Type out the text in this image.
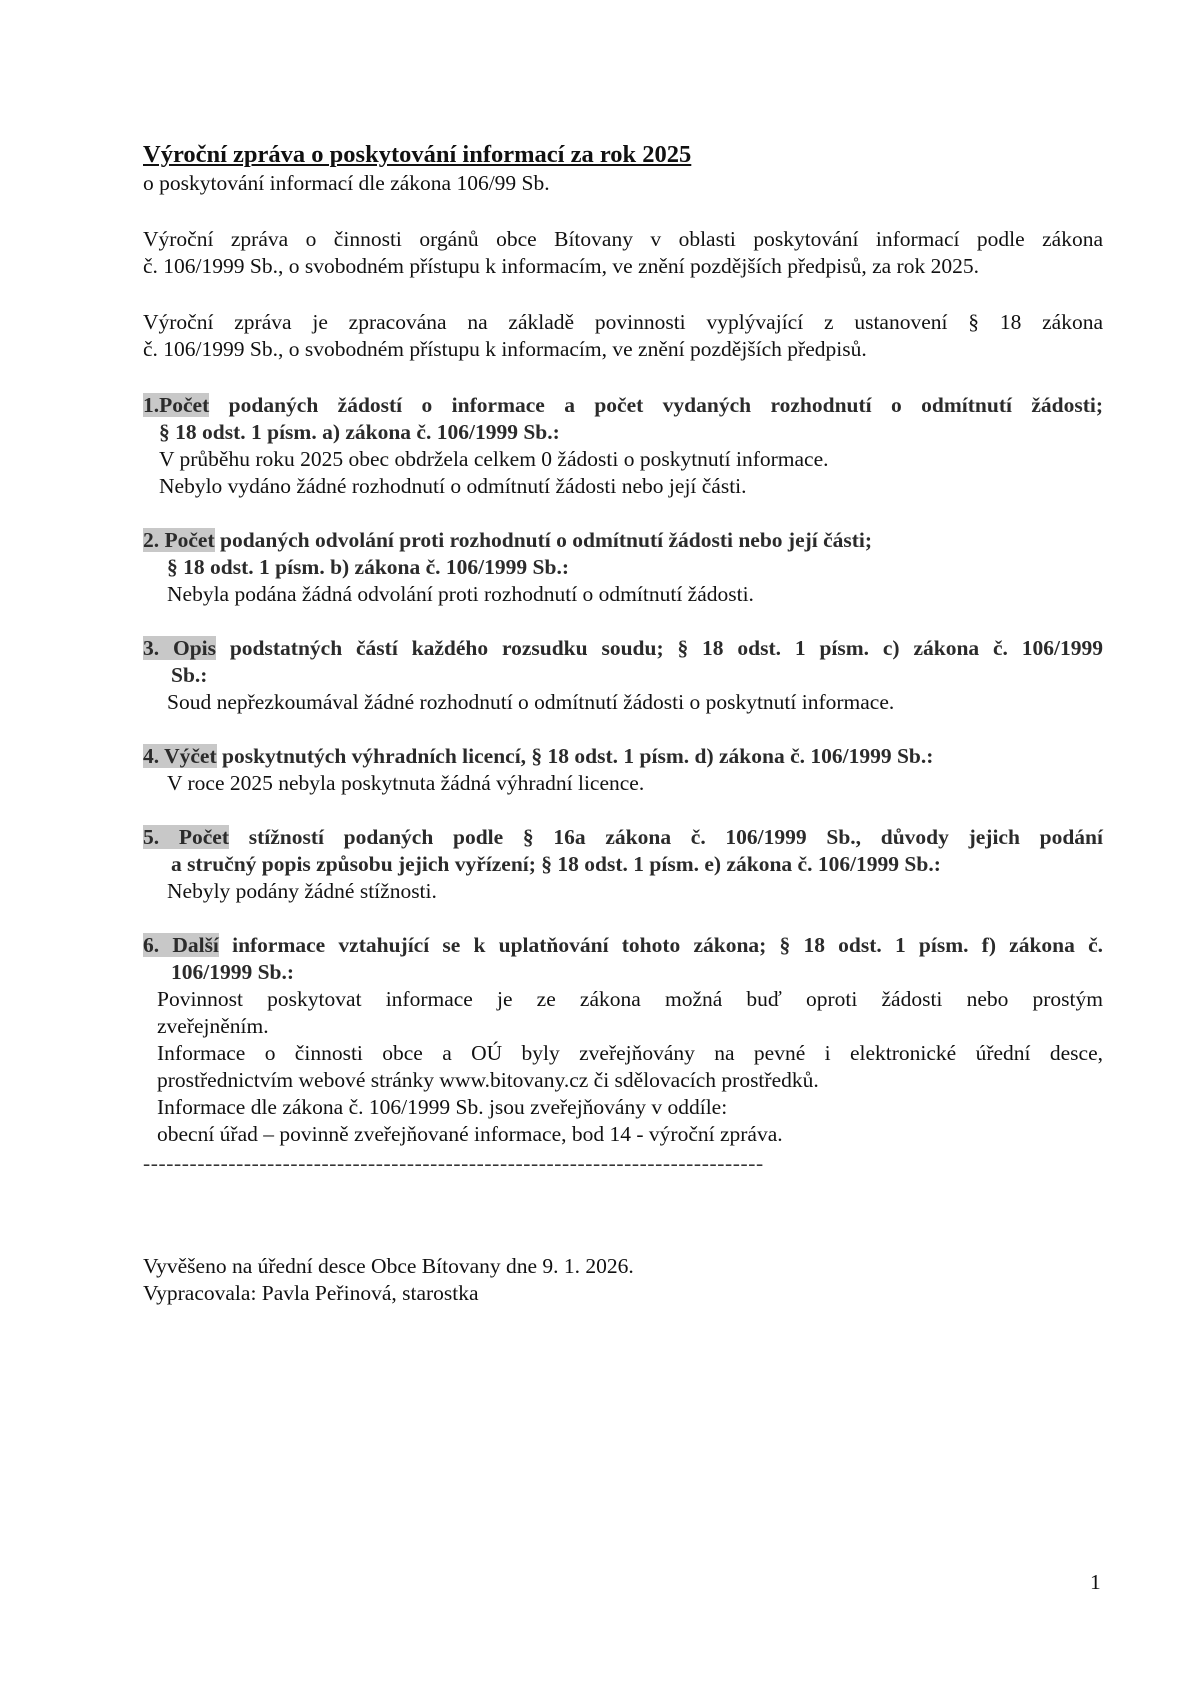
Výroční zpráva o poskytování informací za rok 2025
o poskytování informací dle zákona 106/99 Sb.
Výroční zpráva o činnosti orgánů obce Bítovany v oblasti poskytování informací podle zákona
č. 106/1999 Sb., o svobodném přístupu k informacím, ve znění pozdějších předpisů, za rok 2025.
Výroční zpráva je zpracována na základě povinnosti vyplývající z ustanovení § 18 zákona
č. 106/1999 Sb., o svobodném přístupu k informacím, ve znění pozdějších předpisů.
1.Počet podaných žádostí o informace a počet vydaných rozhodnutí o odmítnutí žádosti;
§ 18 odst. 1 písm. a) zákona č. 106/1999 Sb.:
V průběhu roku 2025 obec obdržela celkem 0 žádosti o poskytnutí informace.
Nebylo vydáno žádné rozhodnutí o odmítnutí žádosti nebo její části.
2. Počet podaných odvolání proti rozhodnutí o odmítnutí žádosti nebo její části;
§ 18 odst. 1 písm. b) zákona č. 106/1999 Sb.:
Nebyla podána žádná odvolání proti rozhodnutí o odmítnutí žádosti.
3. Opis podstatných částí každého rozsudku soudu; § 18 odst. 1 písm. c) zákona č. 106/1999
Sb.:
Soud nepřezkoumával žádné rozhodnutí o odmítnutí žádosti o poskytnutí informace.
4. Výčet poskytnutých výhradních licencí, § 18 odst. 1 písm. d) zákona č. 106/1999 Sb.:
V roce 2025 nebyla poskytnuta žádná výhradní licence.
5. Počet stížností podaných podle § 16a zákona č. 106/1999 Sb., důvody jejich podání
a stručný popis způsobu jejich vyřízení; § 18 odst. 1 písm. e) zákona č. 106/1999 Sb.:
Nebyly podány žádné stížnosti.
6. Další informace vztahující se k uplatňování tohoto zákona; § 18 odst. 1 písm. f) zákona č.
106/1999 Sb.:
Povinnost poskytovat informace je ze zákona možná buď oproti žádosti nebo prostým
zveřejněním.
Informace o činnosti obce a OÚ byly zveřejňovány na pevné i elektronické úřední desce,
prostřednictvím webové stránky www.bitovany.cz či sdělovacích prostředků.
Informace dle zákona č. 106/1999 Sb. jsou zveřejňovány v oddíle:
obecní úřad – povinně zveřejňované informace, bod 14 - výroční zpráva.
--------------------------------------------------------------------------------
Vyvěšeno na úřední desce Obce Bítovany dne 9. 1. 2026.
Vypracovala: Pavla Peřinová, starostka
1
